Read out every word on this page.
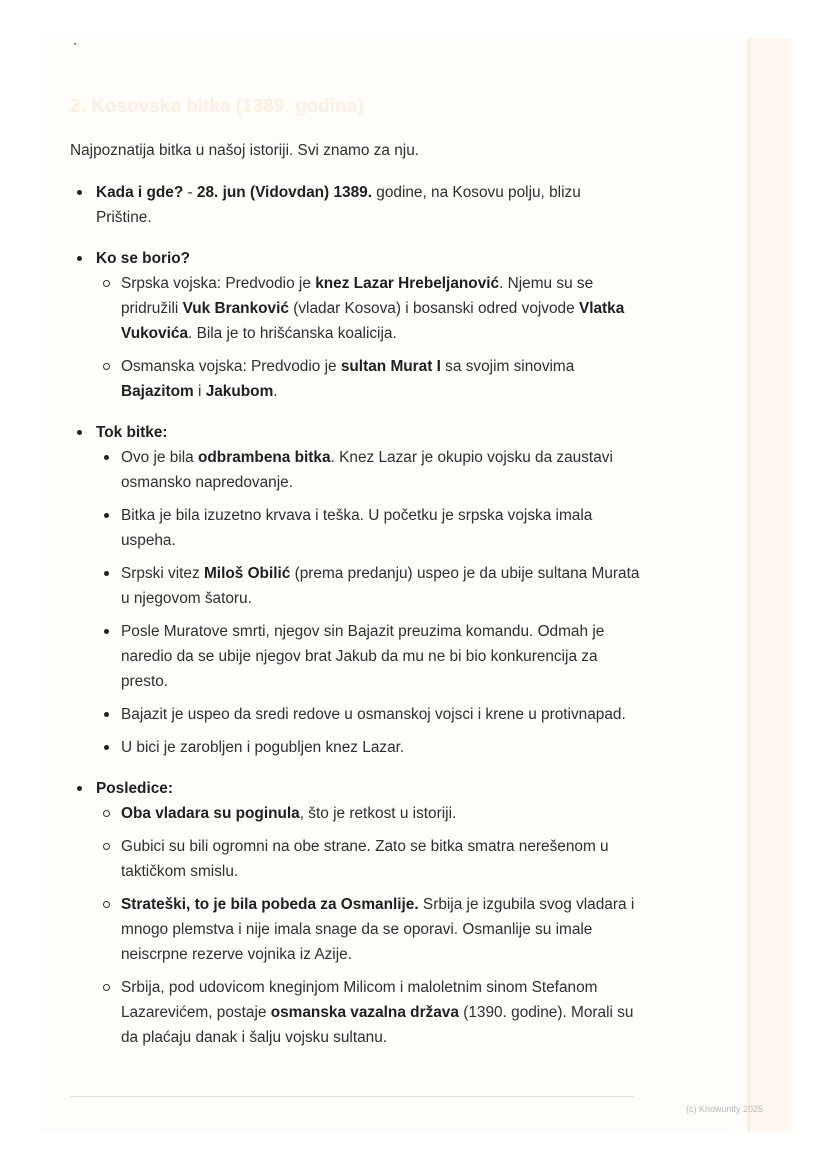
`
2. Kosovska bitka (1389. godina)

Najpoznatija bitka u našoj istoriji. Svi znamo za nju.

Kada i gde? - 28. jun (Vidovdan) 1389. godine, na Kosovu polju, blizu Prištine.
Ko se borio?
Srpska vojska: Predvodio je knez Lazar Hrebeljanović. Njemu su se pridružili Vuk Branković (vladar Kosova) i bosanski odred vojvode Vlatka Vukovića. Bila je to hrišćanska koalicija.
Osmanska vojska: Predvodio je sultan Murat I sa svojim sinovima Bajazitom i Jakubom.
Tok bitke:
Ovo je bila odbrambena bitka. Knez Lazar je okupio vojsku da zaustavi osmansko napredovanje.
Bitka je bila izuzetno krvava i teška. U početku je srpska vojska imala uspeha.
Srpski vitez Miloš Obilić (prema predanju) uspeo je da ubije sultana Murata u njegovom šatoru.
Posle Muratove smrti, njegov sin Bajazit preuzima komandu. Odmah je naredio da se ubije njegov brat Jakub da mu ne bi bio konkurencija za presto.
Bajazit je uspeo da sredi redove u osmanskoj vojsci i krene u protivnapad.
U bici je zarobljen i pogubljen knez Lazar.
Posledice:
Oba vladara su poginula, što je retkost u istoriji.
Gubici su bili ogromni na obe strane. Zato se bitka smatra nerešenom u taktičkom smislu.
Strateški, to je bila pobeda za Osmanlije. Srbija je izgubila svog vladara i mnogo plemstva i nije imala snage da se oporavi. Osmanlije su imale neiscrpne rezerve vojnika iz Azije.
Srbija, pod udovicom kneginjom Milicom i maloletnim sinom Stefanom Lazarevićem, postaje osmanska vazalna država (1390. godine). Morali su da plaćaju danak i šalju vojsku sultanu.
(c) Knowunity 2025
